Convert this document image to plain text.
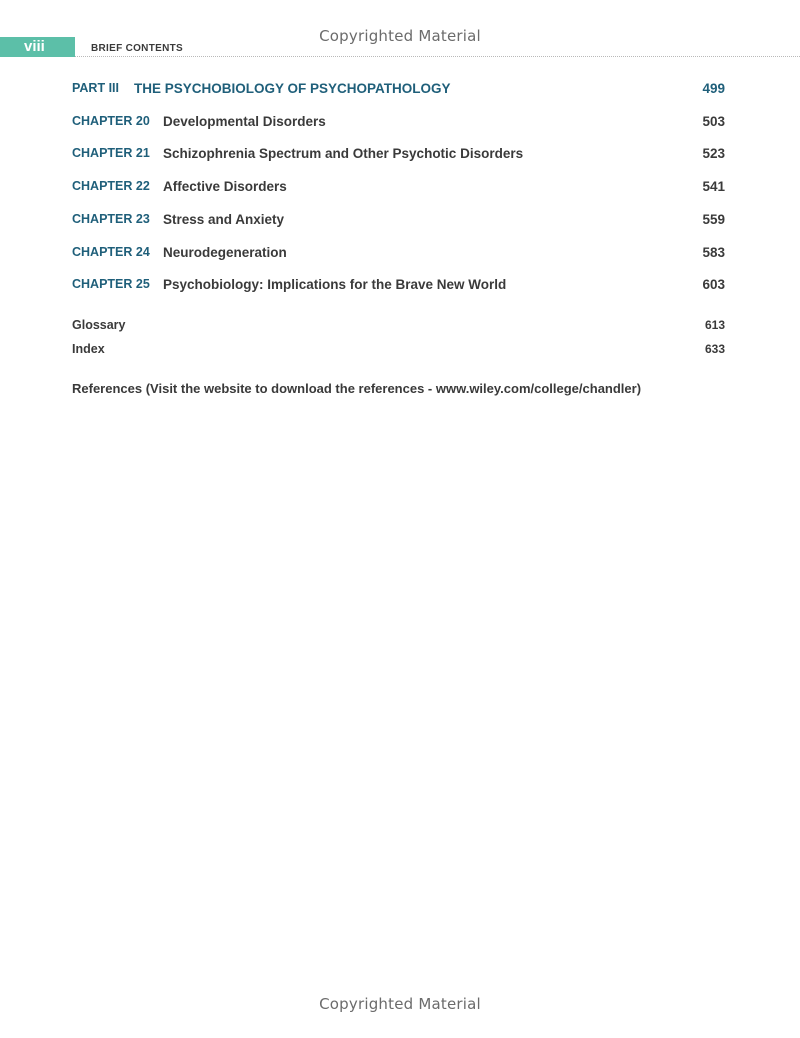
Copyrighted Material
viii	BRIEF CONTENTS
PART III THE PSYCHOBIOLOGY OF PSYCHOPATHOLOGY	499
CHAPTER 20 Developmental Disorders	503
CHAPTER 21 Schizophrenia Spectrum and Other Psychotic Disorders	523
CHAPTER 22 Affective Disorders	541
CHAPTER 23 Stress and Anxiety	559
CHAPTER 24 Neurodegeneration	583
CHAPTER 25 Psychobiology: Implications for the Brave New World	603
Glossary	613
Index	633
References (Visit the website to download the references - www.wiley.com/college/chandler)
Copyrighted Material
